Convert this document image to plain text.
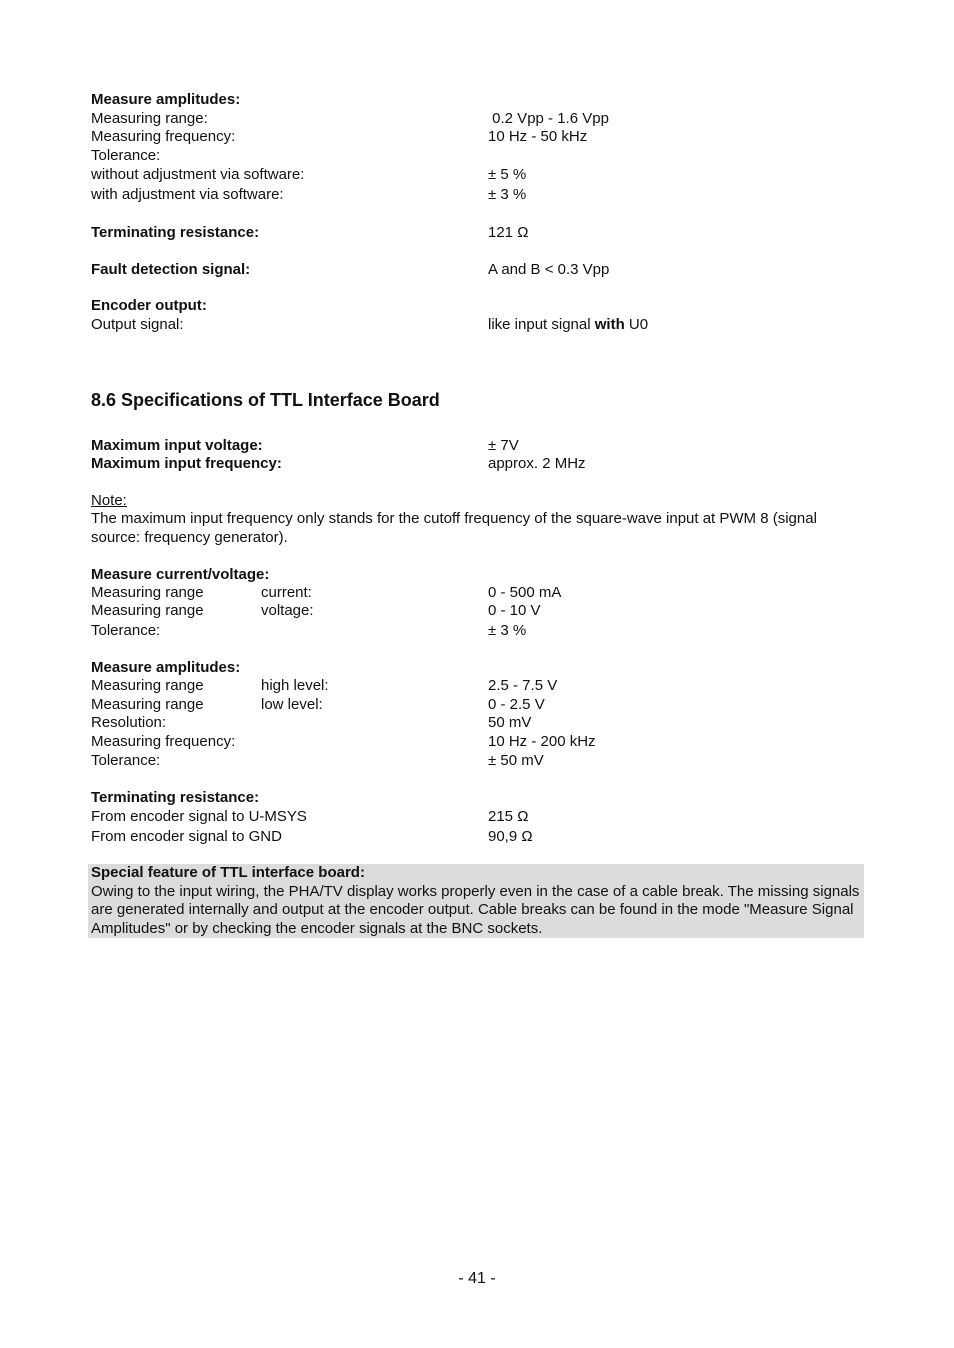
Measure amplitudes:
Measuring range:	0.2 Vpp - 1.6 Vpp
Measuring frequency:	10 Hz - 50 kHz
Tolerance:
without adjustment via software:	± 5 %
with adjustment via software:	± 3 %
Terminating resistance:	121 Ω
Fault detection signal:	A and B < 0.3 Vpp
Encoder output:
Output signal:	like input signal with U0
8.6 Specifications of TTL Interface Board
Maximum input voltage:	± 7V
Maximum input frequency:	approx. 2 MHz
Note:
The maximum input frequency only stands for the cutoff frequency of the square-wave input at PWM 8 (signal source: frequency generator).
Measure current/voltage:
Measuring range	current:	0 - 500 mA
Measuring range	voltage:	0 - 10 V
Tolerance:	± 3 %
Measure amplitudes:
Measuring range	high level:	2.5 - 7.5 V
Measuring range	low level:	0 - 2.5 V
Resolution:	50 mV
Measuring frequency:	10 Hz - 200 kHz
Tolerance:	± 50 mV
Terminating resistance:
From encoder signal to U-MSYS	215 Ω
From encoder signal to GND	90,9 Ω
Special feature of TTL interface board:
Owing to the input wiring, the PHA/TV display works properly even in the case of a cable break. The missing signals are generated internally and output at the encoder output. Cable breaks can be found in the mode "Measure Signal Amplitudes" or by checking the encoder signals at the BNC sockets.
- 41 -
